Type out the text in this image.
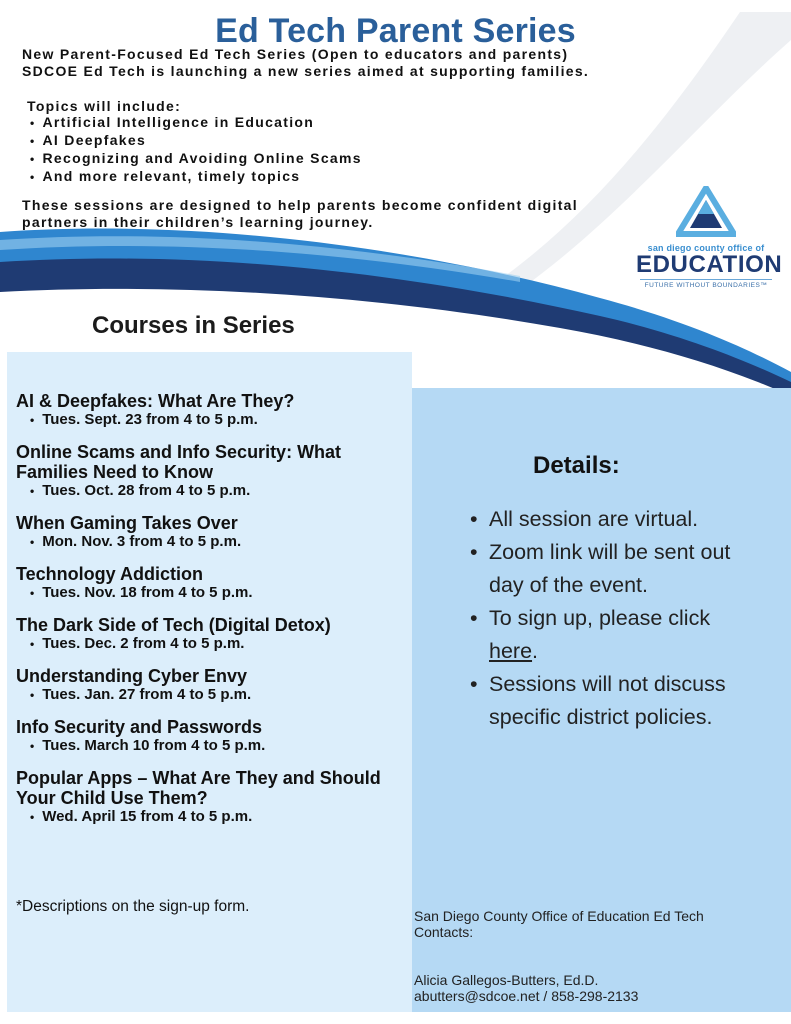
Ed Tech Parent Series
New Parent-Focused Ed Tech Series (Open to educators and parents)
SDCOE Ed Tech is launching a new series aimed at supporting families.
Topics will include:
• Artificial Intelligence in Education
• AI Deepfakes
• Recognizing and Avoiding Online Scams
• And more relevant, timely topics
These sessions are designed to help parents become confident digital
partners in their children’s learning journey.
san diego county office of
EDUCATION
FUTURE WITHOUT BOUNDARIES™
Courses in Series
AI & Deepfakes: What Are They?
• Tues. Sept. 23 from 4 to 5 p.m.
Online Scams and Info Security: What Families Need to Know
• Tues. Oct. 28 from 4 to 5 p.m.
When Gaming Takes Over
• Mon. Nov. 3 from 4 to 5 p.m.
Technology Addiction
• Tues. Nov. 18 from 4 to 5 p.m.
The Dark Side of Tech (Digital Detox)
• Tues. Dec. 2 from 4 to 5 p.m.
Understanding Cyber Envy
• Tues. Jan. 27 from 4 to 5 p.m.
Info Security and Passwords
• Tues. March 10 from 4 to 5 p.m.
Popular Apps – What Are They and Should Your Child Use Them?
• Wed. April 15 from 4 to 5 p.m.
*Descriptions on the sign-up form.
Details:
• All session are virtual.
• Zoom link will be sent out day of the event.
• To sign up, please click here.
• Sessions will not discuss specific district policies.
San Diego County Office of Education Ed Tech
Contacts:
Alicia Gallegos-Butters, Ed.D.
abutters@sdcoe.net / 858-298-2133
